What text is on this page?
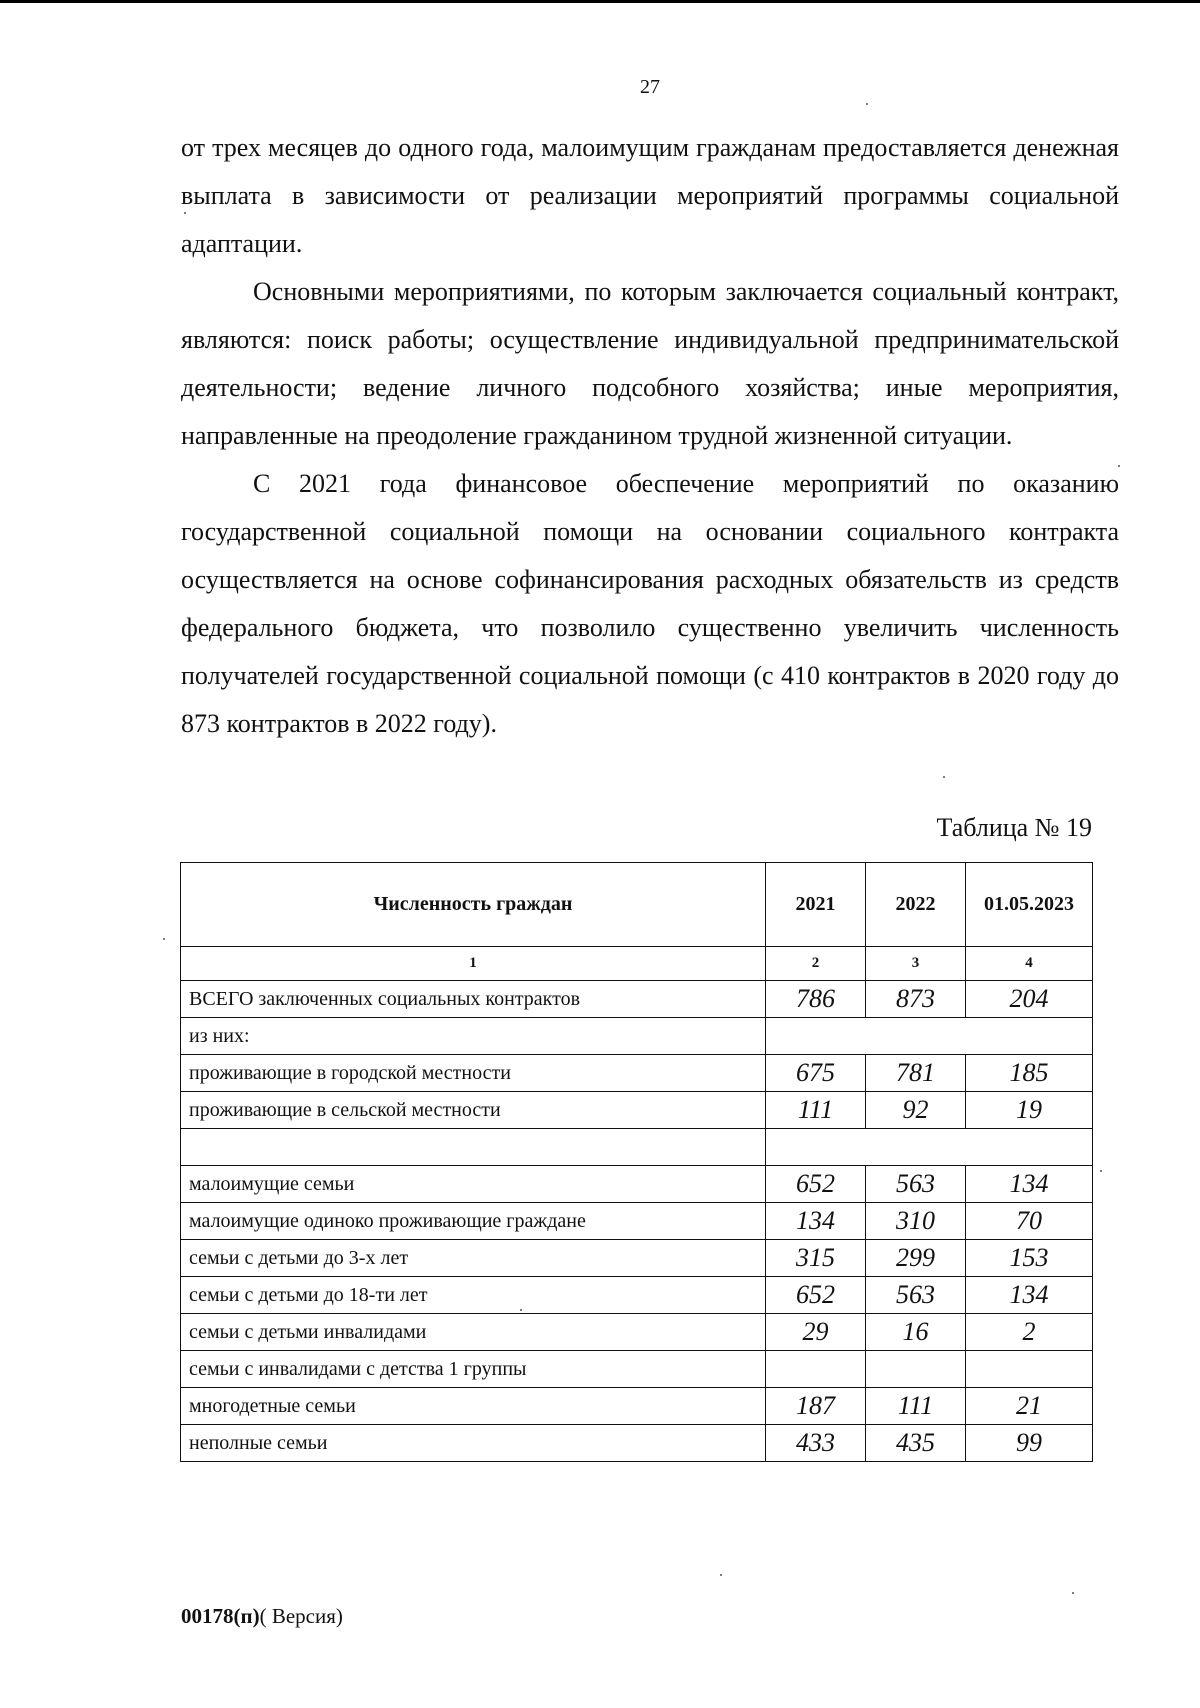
27

от трех месяцев до одного года, малоимущим гражданам предоставляется денежная выплата в зависимости от реализации мероприятий программы социальной адаптации.

Основными мероприятиями, по которым заключается социальный контракт, являются: поиск работы; осуществление индивидуальной предпринимательской деятельности; ведение личного подсобного хозяйства; иные мероприятия, направленные на преодоление гражданином трудной жизненной ситуации.

С 2021 года финансовое обеспечение мероприятий по оказанию государственной социальной помощи на основании социального контракта осуществляется на основе софинансирования расходных обязательств из средств федерального бюджета, что позволило существенно увеличить численность получателей государственной социальной помощи (с 410 контрактов в 2020 году до 873 контрактов в 2022 году).

Таблица № 19
Численность граждан	2021	2022	01.05.2023
1	2	3	4
ВСЕГО заключенных социальных контрактов	786	873	204
из них:			
проживающие в городской местности	675	781	185
проживающие в сельской местности	111	92	19

малоимущие семьи	652	563	134
малоимущие одиноко проживающие граждане	134	310	70
семьи с детьми до 3-х лет	315	299	153
семьи с детьми до 18-ти лет	652	563	134
семьи с детьми инвалидами	29	16	2
семьи с инвалидами с детства 1 группы			
многодетные семьи	187	111	21
неполные семьи	433	435	99
00178(п)( Версия)
